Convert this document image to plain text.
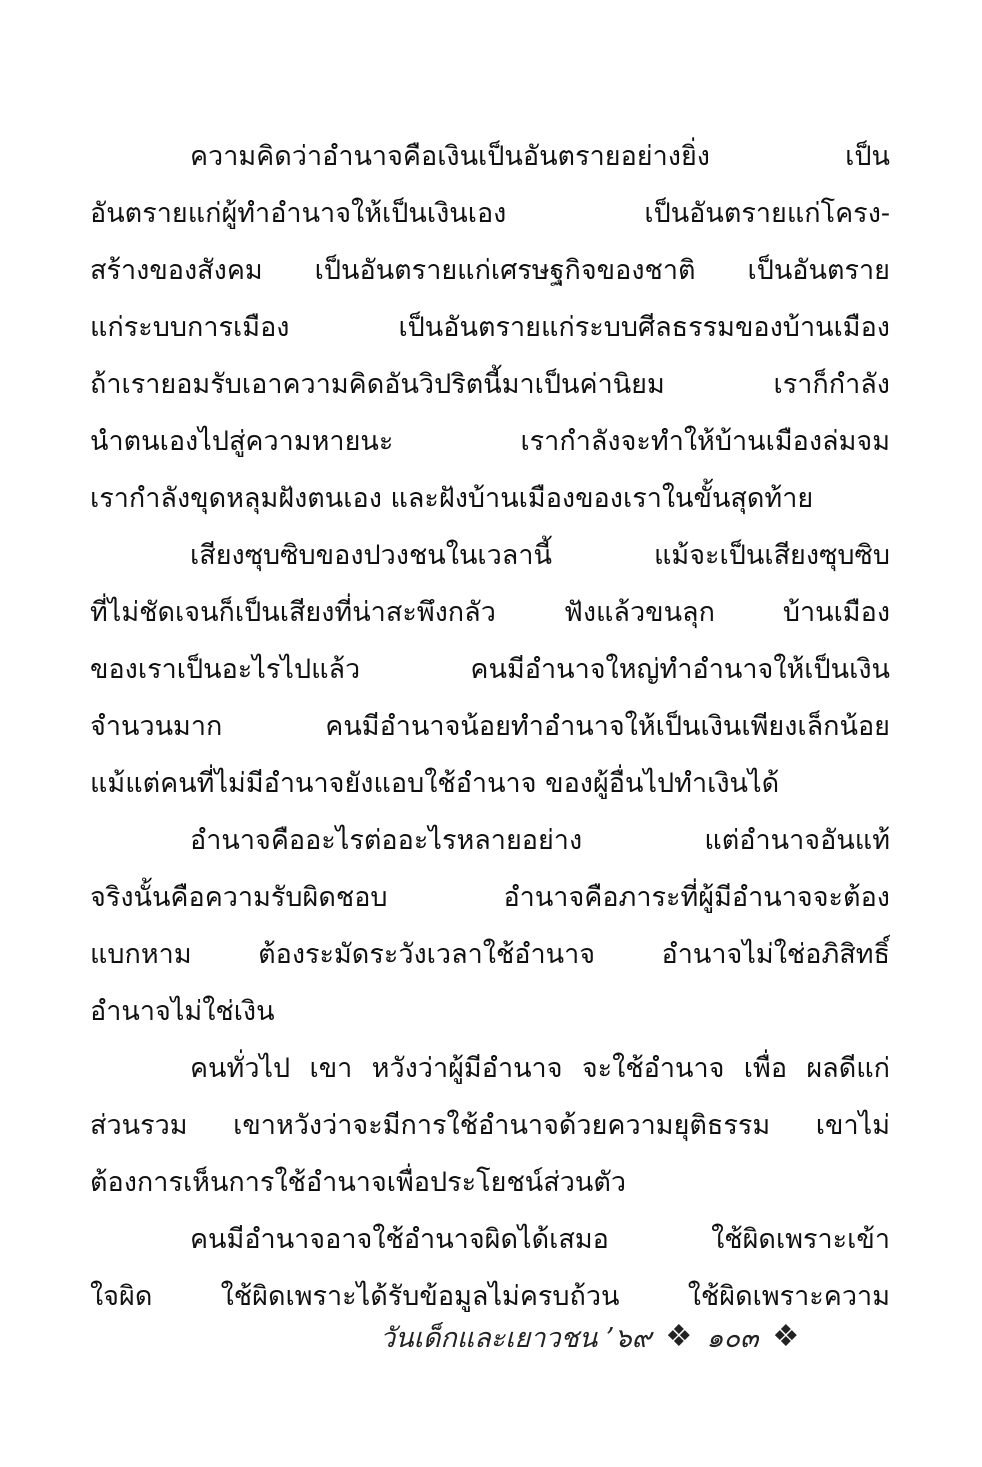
ความคิดว่าอำนาจคือเงินเป็นอันตรายอย่างยิ่ง เป็น
อันตรายแก่ผู้ทำอำนาจให้เป็นเงินเอง เป็นอันตรายแก่โครง-
สร้างของสังคม เป็นอันตรายแก่เศรษฐกิจของชาติ เป็นอันตราย
แก่ระบบการเมือง เป็นอันตรายแก่ระบบศีลธรรมของบ้านเมือง
ถ้าเรายอมรับเอาความคิดอันวิปริตนี้มาเป็นค่านิยม เราก็กำลัง
นำตนเองไปสู่ความหายนะ เรากำลังจะทำให้บ้านเมืองล่มจม
เรากำลังขุดหลุมฝังตนเอง และฝังบ้านเมืองของเราในขั้นสุดท้าย
เสียงซุบซิบของปวงชนในเวลานี้ แม้จะเป็นเสียงซุบซิบ
ที่ไม่ชัดเจนก็เป็นเสียงที่น่าสะพึงกลัว ฟังแล้วขนลุก บ้านเมือง
ของเราเป็นอะไรไปแล้ว คนมีอำนาจใหญ่ทำอำนาจให้เป็นเงิน
จำนวนมาก คนมีอำนาจน้อยทำอำนาจให้เป็นเงินเพียงเล็กน้อย
แม้แต่คนที่ไม่มีอำนาจยังแอบใช้อำนาจ ของผู้อื่นไปทำเงินได้
อำนาจคืออะไรต่ออะไรหลายอย่าง แต่อำนาจอันแท้
จริงนั้นคือความรับผิดชอบ อำนาจคือภาระที่ผู้มีอำนาจจะต้อง
แบกหาม ต้องระมัดระวังเวลาใช้อำนาจ อำนาจไม่ใช่อภิสิทธิ์
อำนาจไม่ใช่เงิน
คนทั่วไป เขา หวังว่าผู้มีอำนาจ จะใช้อำนาจ เพื่อ ผลดีแก่
ส่วนรวม เขาหวังว่าจะมีการใช้อำนาจด้วยความยุติธรรม เขาไม่
ต้องการเห็นการใช้อำนาจเพื่อประโยชน์ส่วนตัว
คนมีอำนาจอาจใช้อำนาจผิดได้เสมอ ใช้ผิดเพราะเข้า
ใจผิด ใช้ผิดเพราะได้รับข้อมูลไม่ครบถ้วน ใช้ผิดเพราะความ
วันเด็กและเยาวชน ’๖๙ ❖ ๑๐๓ ❖
